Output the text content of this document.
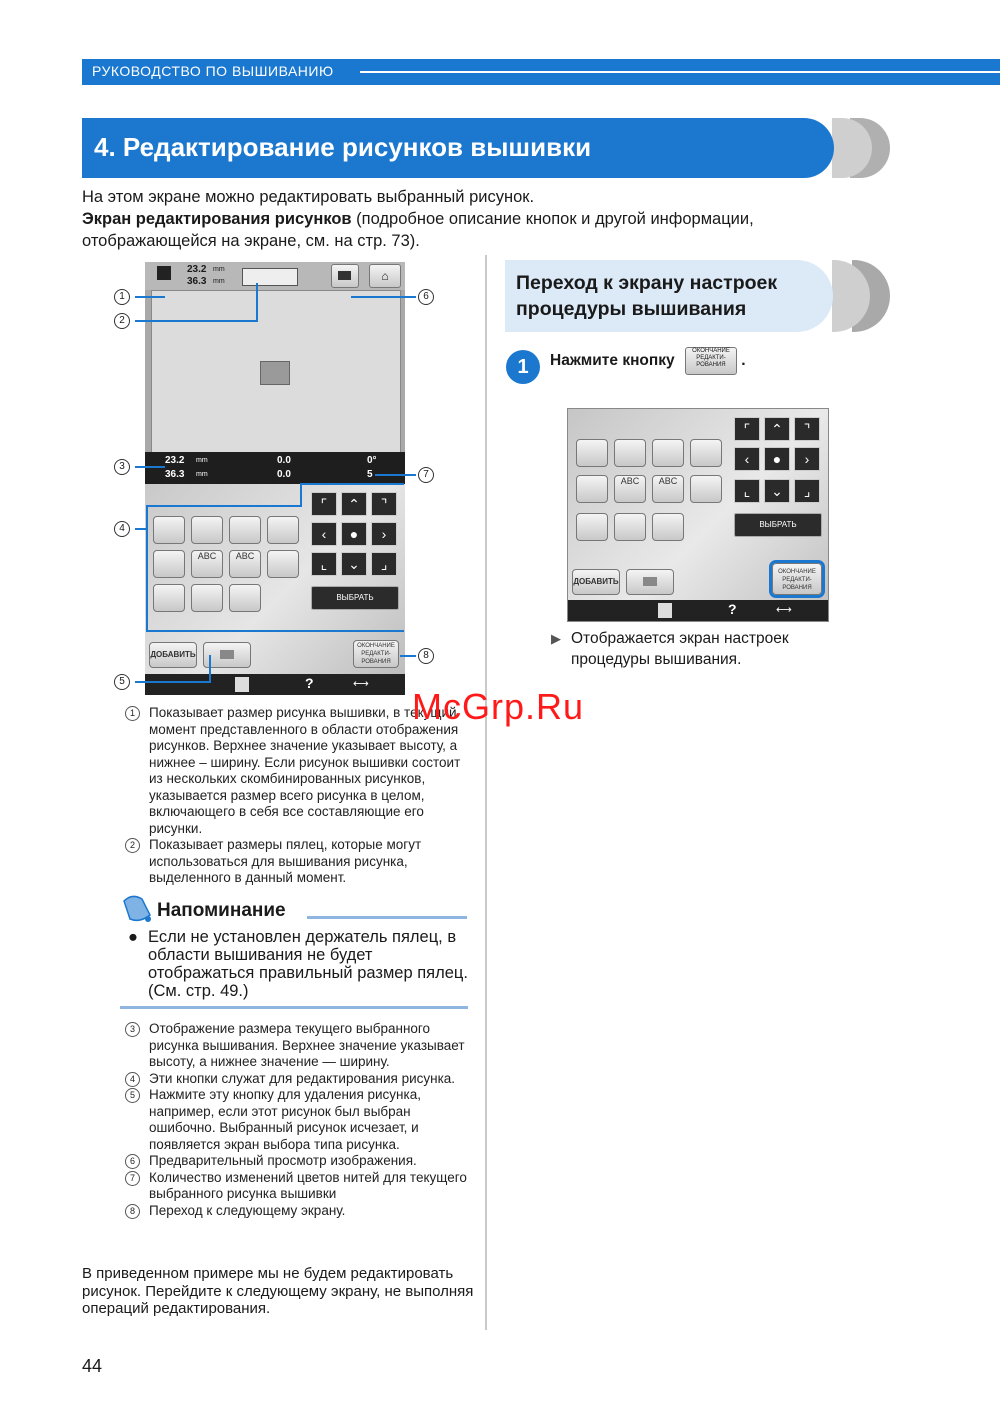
РУКОВОДСТВО ПО ВЫШИВАНИЮ
4. Редактирование рисунков вышивки
На этом экране можно редактировать выбранный рисунок.
Экран редактирования рисунков (подробное описание кнопок и другой информации, отображающейся на экране, см. на стр. 73).
23.2 mm
36.3 mm	⌂
23.2 mm
36.3 mm
0.0
0.0
0°
5
ABC	ABC
⌜	⌃	⌝
‹	●	›
⌞	⌄	⌟
ВЫБРАТЬ
ДОБАВИТЬ
ОКОНЧАНИЕ РЕДАКТИ- РОВАНИЯ
?	⟷
1
2
3
4
5
6
7
8
1	Показывает размер рисунка вышивки, в текущий момент представленного в области отображения рисунков. Верхнее значение указывает высоту, а нижнее – ширину. Если рисунок вышивки состоит из нескольких скомбинированных рисунков, указывается размер всего рисунка в целом, включающего в себя все составляющие его рисунки.
2	Показывает размеры пялец, которые могут использоваться для вышивания рисунка, выделенного в данный момент.
Напоминание
● Если не установлен держатель пялец, в области вышивания не будет отображаться правильный размер пялец. (См. стр. 49.)
3	Отображение размера текущего выбранного рисунка вышивания. Верхнее значение указывает высоту, а нижнее значение — ширину.
4	Эти кнопки служат для редактирования рисунка.
5	Нажмите эту кнопку для удаления рисунка, например, если этот рисунок был выбран ошибочно. Выбранный рисунок исчезает, и появляется экран выбора типа рисунка.
6	Предварительный просмотр изображения.
7	Количество изменений цветов нитей для текущего выбранного рисунка вышивки
8	Переход к следующему экрану.
В приведенном примере мы не будем редактировать рисунок. Перейдите к следующему экрану, не выполняя операций редактирования.
44
Переход к экрану настроек
процедуры вышивания
1	Нажмите кнопку ОКОНЧАНИЕ РЕДАКТИ- РОВАНИЯ .
ABC	ABC
⌜	⌃	⌝
‹	●	›
⌞	⌄	⌟
ВЫБРАТЬ
ДОБАВИТЬ
ОКОНЧАНИЕ РЕДАКТИ- РОВАНИЯ
?	⟷
▶ Отображается экран настроек процедуры вышивания.
McGrp.Ru
